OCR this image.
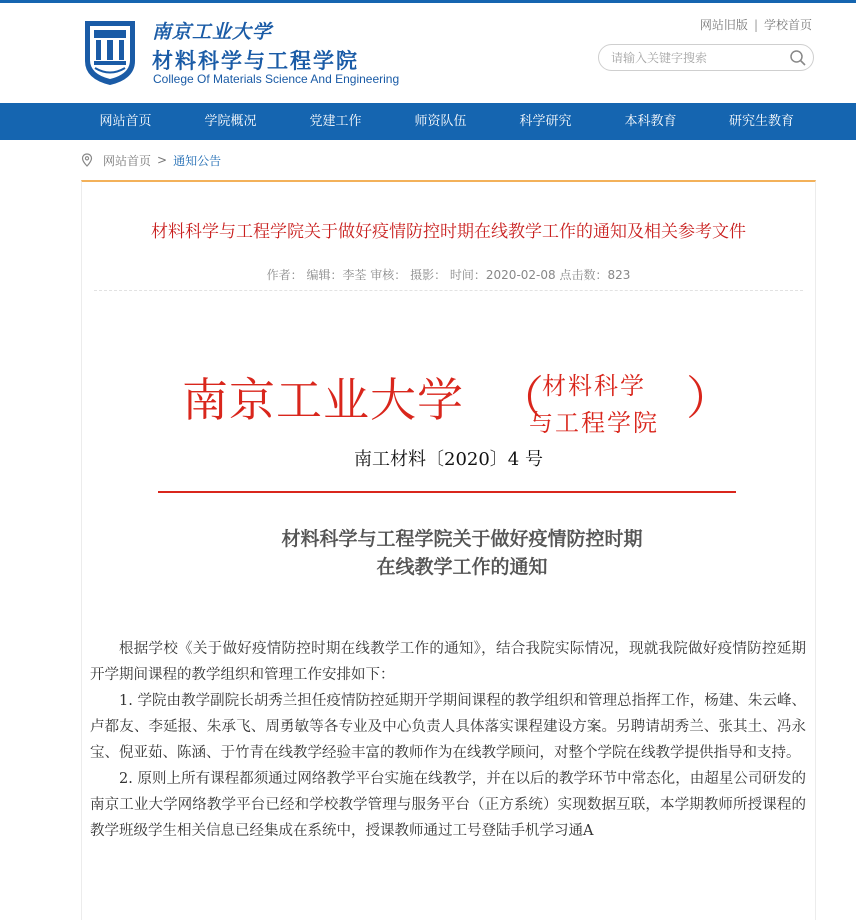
南京工业大学
材料科学与工程学院
College Of Materials Science And Engineering
网站旧版 | 学校首页
请输入关键字搜索
网站首页	学院概况	党建工作	师资队伍	科学研究	本科教育	研究生教育
网站首页 > 通知公告
材料科学与工程学院关于做好疫情防控时期在线教学工作的通知及相关参考文件
作者： 编辑：李荃 审核： 摄影： 时间：2020-02-08 点击数：823
南京工业大学 （
材料科学
与工程学院 ）
南工材料〔2020〕4 号
材料科学与工程学院关于做好疫情防控时期
在线教学工作的通知

根据学校《关于做好疫情防控时期在线教学工作的通知》，结合我院实际情况，现就我院做好疫情防控延期开学期间课程的教学组织和管理工作安排如下：

1. 学院由教学副院长胡秀兰担任疫情防控延期开学期间课程的教学组织和管理总指挥工作，杨建、朱云峰、卢都友、李延报、朱承飞、周勇敏等各专业及中心负责人具体落实课程建设方案。另聘请胡秀兰、张其土、冯永宝、倪亚茹、陈涵、于竹青在线教学经验丰富的教师作为在线教学顾问，对整个学院在线教学提供指导和支持。

2. 原则上所有课程都须通过网络教学平台实施在线教学，并在以后的教学环节中常态化，由超星公司研发的南京工业大学网络教学平台已经和学校教学管理与服务平台（正方系统）实现数据互联，本学期教师所授课程的教学班级学生相关信息已经集成在系统中，授课教师通过工号登陆手机学习通A
